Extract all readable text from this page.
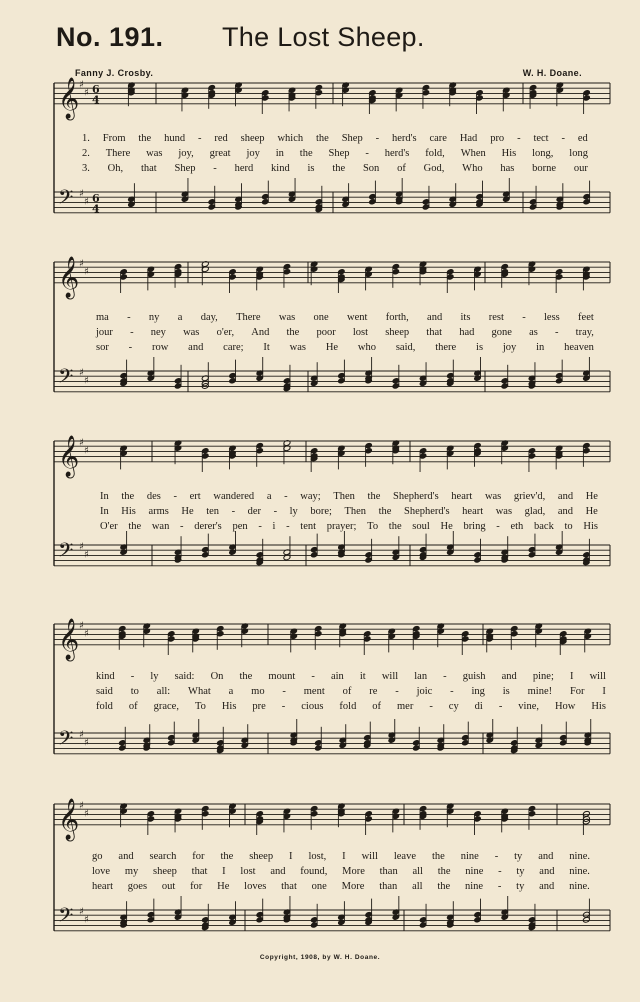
No. 191. The Lost Sheep.
Fanny J. Crosby.	W. H. Doane.
𝄞
𝄢
♯
♯
♯
♯
6
4
6
4
𝄞
𝄢
♯
♯
♯
♯
𝄞
𝄢
♯
♯
♯
♯
𝄞
𝄢
♯
♯
♯
♯
𝄞
𝄢
♯
♯
♯
♯
1. From the hund - red sheep which the Shep - herd's care Had pro - tect - ed
2. There was joy, great joy in the Shep - herd's fold, When His long, long
3. Oh, that Shep - herd kind is the Son of God, Who has borne our
ma - ny a day, There was one went forth, and its rest - less feet
jour - ney was o'er, And the poor lost sheep that had gone as - tray,
sor - row and care; It was He who said, there is joy in heaven
In the des - ert wandered a - way; Then the Shepherd's heart was griev'd, and He
In His arms He ten - der - ly bore; Then the Shepherd's heart was glad, and He
O'er the wan - derer's pen - i - tent prayer; To the soul He bring - eth back to His
kind - ly said: On the mount - ain it will lan - guish and pine; I will
said to all: What a mo - ment of re - joic - ing is mine! For I
fold of grace, To His pre - cious fold of mer - cy di - vine, How His
go and search for the sheep I lost, I will leave the nine - ty and nine.
love my sheep that I lost and found, More than all the nine - ty and nine.
heart goes out for He loves that one More than all the nine - ty and nine.
Copyright, 1908, by W. H. Doane.
